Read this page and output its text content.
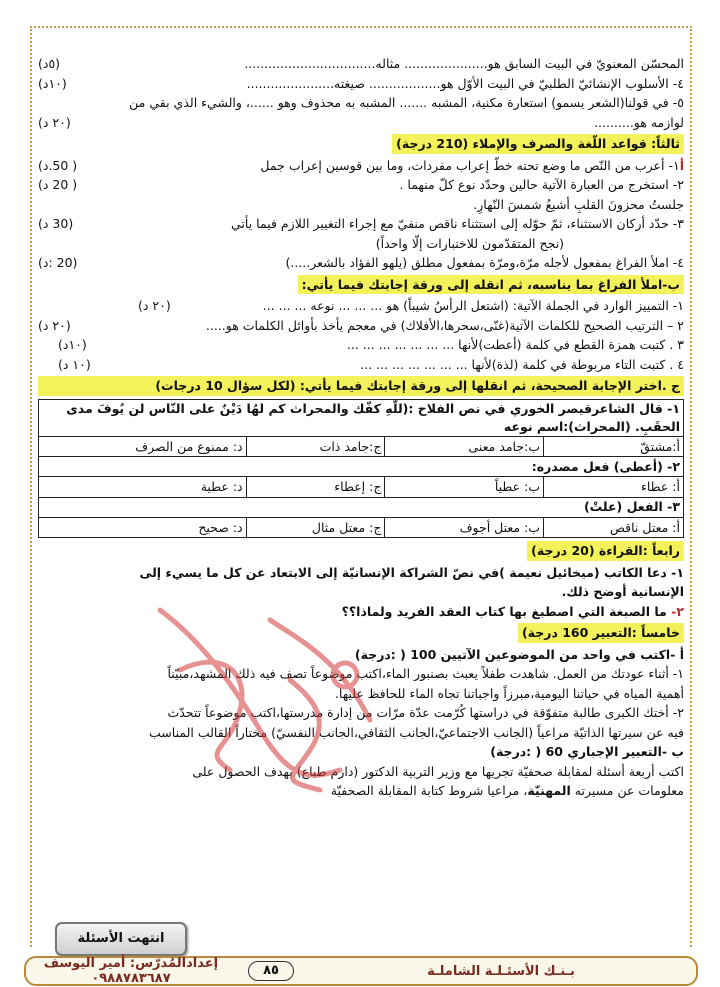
المحسّن المعنويّ في البيت السابق هو..................... مثاله.................................
(٥د)
٤- الأسلوب الإنشائيّ الطلبيّ في البيت الأوّل هو.................. صيغته......................
(١٠د)
٥- في قولنا(الشعر يسمو) استعارة مكنية، المشبه ....... المشبه به محذوف وهو ......، والشيء الذي بقي من
لوازمه هو..........
(٢٠ د)
ثالثاً: قواعد اللّغة والصرف والإملاء (210 درجة)
أ١- أعرب من النّص ما وضع تحته خطّ إعراب مفردات، وما بين قوسين إعراب جمل
( 50.د)
٢- استخرج من العبارة الآتية حالين وحدّد نوع كلّ منهما .
( 20 د)
جلستُ محزونَ القلبِ أشيعُ شمسَ النّهارِ.
٣- حدّد أركان الاستثناء، ثمّ حوّله إلى استثناء ناقص منفيّ مع إجراء التغيير اللازم فيما يأتي
(30 د)
(نجح المتقدّمون للاختبارات إلّا واحداً)
٤- املأ الفراغ بمفعول لأجله مرّة،ومرّة بمفعول مطلق (يلهو الفؤاد بالشعر.....)
(20 :د)
ب-املأ الفراغ بما يناسبه، ثم انقله إلى ورقة إجابتك فيما يأتي:
١- التمييز الوارد في الجملة الآتية: (اشتعل الرأسُ شيباً) هو ... ... ... نوعه ... ... ...
(٢٠ د)
٢ – الترتيب الصحيح للكلمات الآتية(غنّى،سحرها،الأفلاك) في معجم يأخذ بأوائل الكلمات هو.....
(٢٠ د)
٣ . كتبت همزة القطع في كلمة (أعطت)لأنها ... ... ... ... ... ... ...
(١٠د)
٤ . كتبت التاء مربوطة في كلمة (لذة)لأنها ... ... ... ... ... ... ...
(١٠ د)
ج .اختر الإجابة الصحيحة، ثم انقلها إلى ورقة إجابتك فيما يأتي: (لكل سؤال 10 درجات)
١- قال الشاعرقيصر الخوري في نص الفلاح :(للّهِ كفّك والمحراث كم لهُا دَيْنٌ على النّاس لن يُوفَ مدى الحقَبِ. (المحراث):اسم نوعه			
أ:مشتقّ	ب:جامد معنى	ج:جامد ذات	د: ممنوع من الصرف
٢- (أعطى) فعل مصدره:			
أ: عطاء	ب: عطياً	ج: إعطاء	د: عطية
٣- الفعل (علتْ)			
أ: معتل ناقص	ب: معتل أجوف	ج: معتل مثال	د: صحيح
رابعاً :القراءة (20 درجة)
١- دعا الكاتب (ميخائيل نعيمة )في نصّ الشراكة الإنسانيّة إلى الابتعاد عن كل ما يسيء إلى
الإنسانية أوضح ذلك.
٢- ما الصبغة التي اصطبغ بها كتاب العقد الفريد ولماذا؟؟
خامساً :التعبير 160 درجة)
أ -اكتب في واحد من الموضوعين الآتيين 100 ( :درجة)
١- أثناء عودتك من العمل. شاهدت طفلاً يعبث بصنبور الماء،اكتب موضوعاً تصف فيه ذلك المشهد،مبيّناً
أهمية المياه في حياتنا اليومية،مبرزاً واجباتنا تجاه الماء للحافظ عليها.
٢- أختك الكبرى طالبة متفوّقة في دراستها كُرّمت عدّة مرّات من إدارة مدرستها،اكتب موضوعاً تتحدّث
فيه عن سيرتها الذاتيّة مراعياً (الجانب الاجتماعيّ،الجانب الثقافي،الجانب النفسيّ) مختاراً القالب المناسب
ب -التعبير الإجباري 60 ( :درجة)
اكتب أربعة أسئلة لمقابلة صحفيّة تجريها مع وزير التربية الدكتور (دارم طباع) بهدف الحصول على
معلومات عن مسيرته المهنيّة، مراعيا شروط كتابة المقابلة الصحفيّة
انتهت الأسئلة
بـنـك الأسئـلـة الشاملـة
٨٥
إعدادالمُدرّس: أمير اليوسف ٠٩٨٨٧٨٣٦٨٧
